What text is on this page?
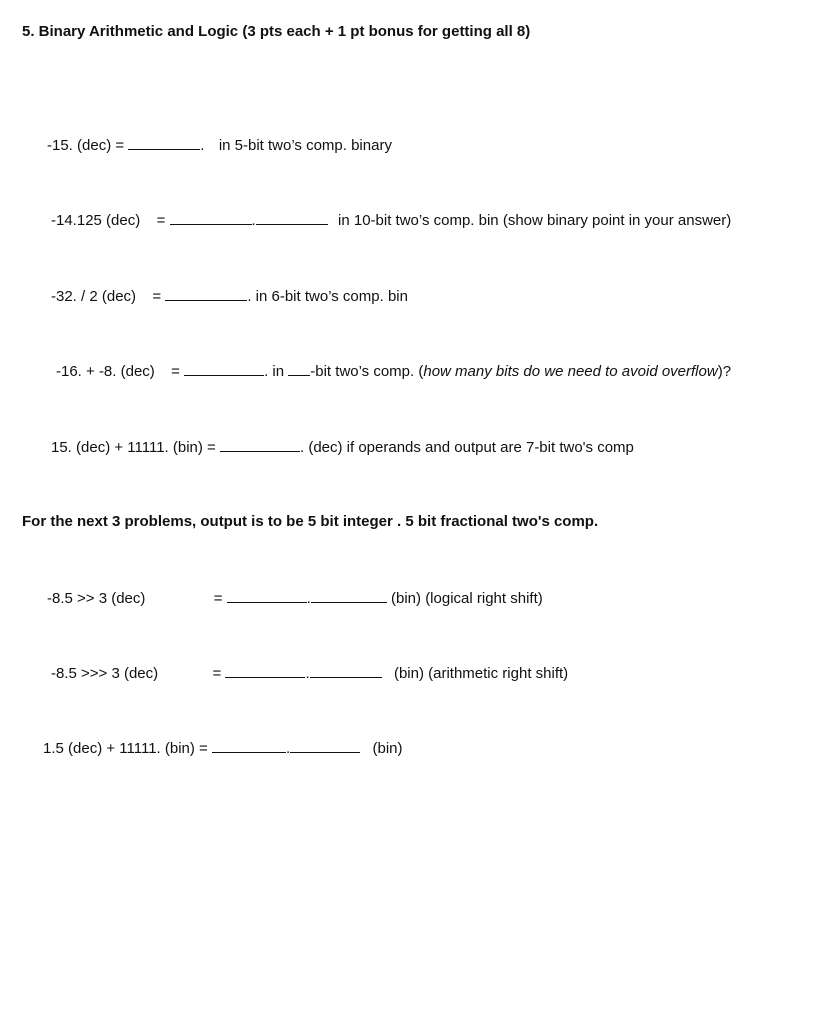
5. Binary Arithmetic and Logic (3 pts each + 1 pt bonus for getting all 8)
-15. (dec) =	. in 5-bit two’s comp. binary
-14.125 (dec) =	.	in 10-bit two’s comp. bin (show binary point in your answer)
-32. / 2 (dec) =	. in 6-bit two’s comp. bin
-16. + -8. (dec) =	. in -bit two’s comp. (how many bits do we need to avoid overflow)?
15. (dec) + 11111. (bin) =	. (dec) if operands and output are 7-bit two's comp
For the next 3 problems, output is to be 5 bit integer . 5 bit fractional two's comp.
-8.5 >> 3 (dec)	=	.	(bin) (logical right shift)
-8.5 >>> 3 (dec)	=	.	(bin) (arithmetic right shift)
1.5 (dec) + 11111. (bin) =	.	(bin)
